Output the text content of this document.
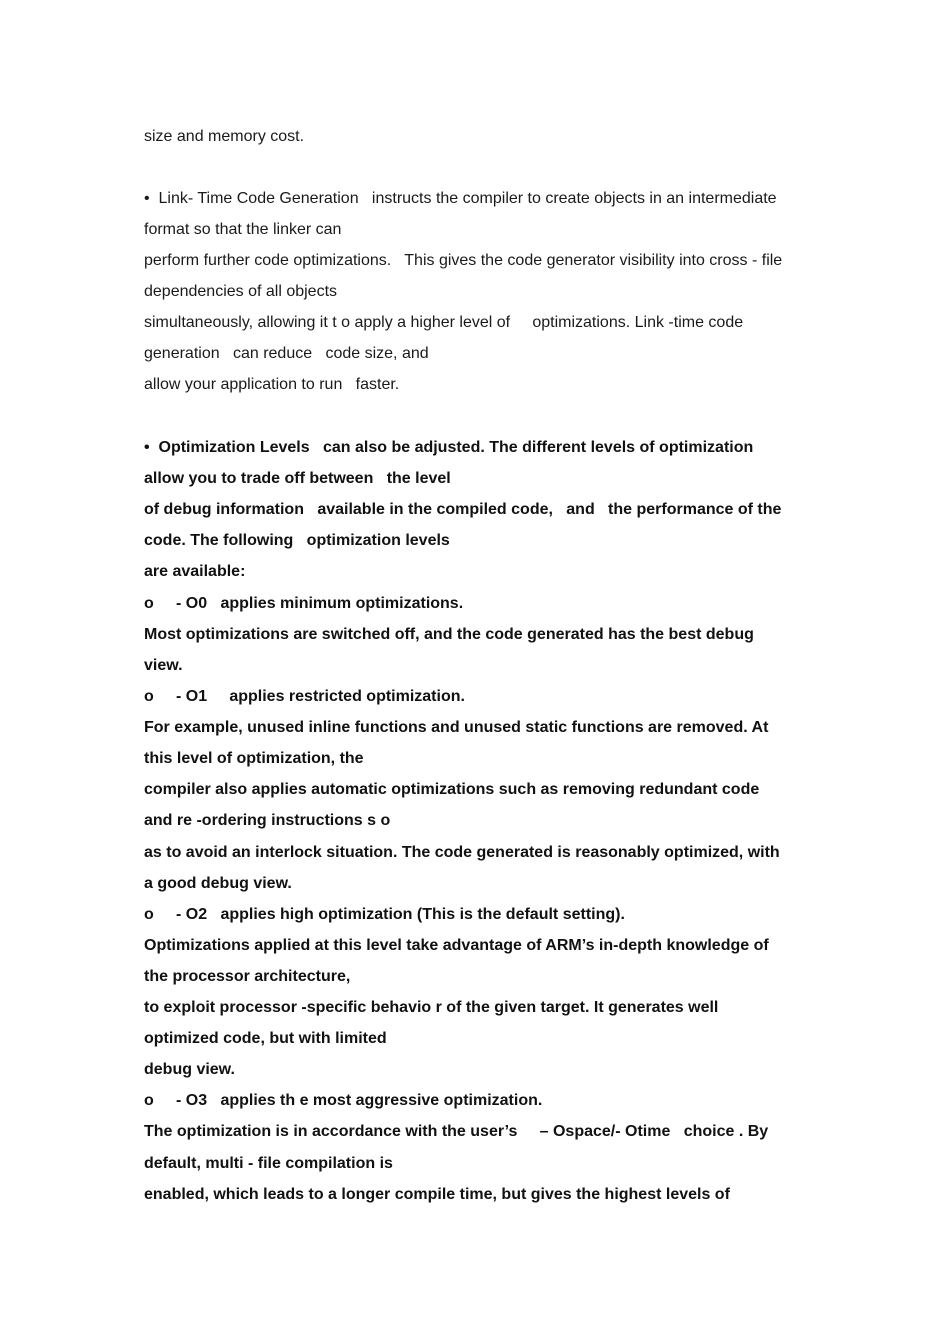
size and memory cost.
•  Link- Time Code Generation   instructs the compiler to create objects in an intermediate
format so that the linker can
perform further code optimizations.   This gives the code generator visibility into cross - file
dependencies of all objects
simultaneously, allowing it t o apply a higher level of     optimizations. Link -time code
generation   can reduce   code size, and
allow your application to run   faster.
•  Optimization Levels   can also be adjusted. The different levels of optimization
allow you to trade off between   the level
of debug information   available in the compiled code,   and   the performance of the
code. The following   optimization levels
are available:
o     - O0   applies minimum optimizations.
Most optimizations are switched off, and the code generated has the best debug
view.
o     - O1     applies restricted optimization.
For example, unused inline functions and unused static functions are removed. At
this level of optimization, the
compiler also applies automatic optimizations such as removing redundant code
and re -ordering instructions s o
as to avoid an interlock situation. The code generated is reasonably optimized, with
a good debug view.
o     - O2   applies high optimization (This is the default setting).
Optimizations applied at this level take advantage of ARM’s in-depth knowledge of
the processor architecture,
to exploit processor -specific behavio r of the given target. It generates well
optimized code, but with limited
debug view.
o     - O3   applies th e most aggressive optimization.
The optimization is in accordance with the user’s     – Ospace/- Otime   choice . By
default, multi - file compilation is
enabled, which leads to a longer compile time, but gives the highest levels of
